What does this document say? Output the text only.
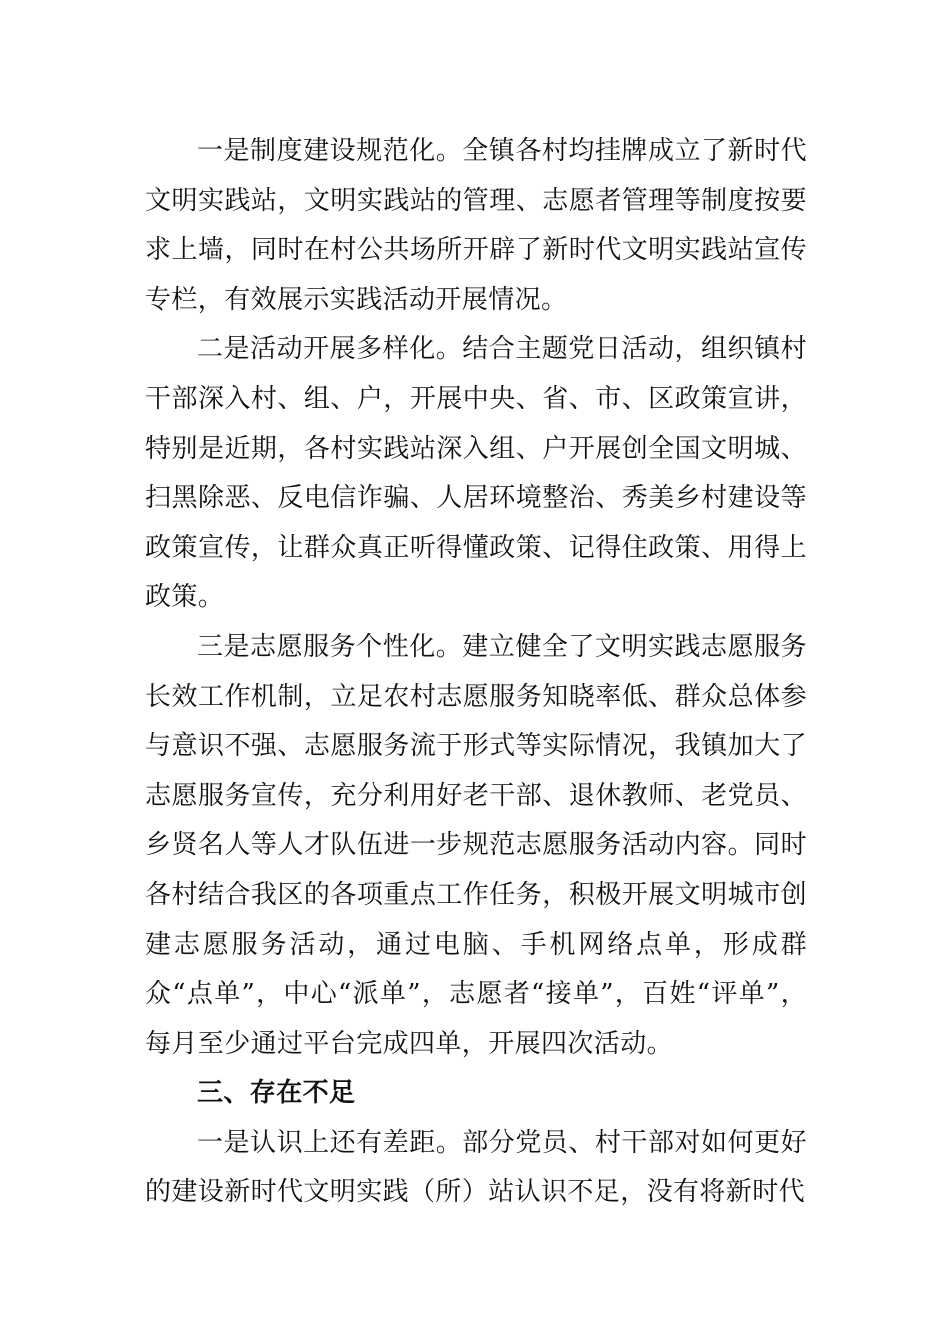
一是制度建设规范化。全镇各村均挂牌成立了新时代文明实践站，文明实践站的管理、志愿者管理等制度按要求上墙，同时在村公共场所开辟了新时代文明实践站宣传专栏，有效展示实践活动开展情况。

二是活动开展多样化。结合主题党日活动，组织镇村干部深入村、组、户，开展中央、省、市、区政策宣讲，特别是近期，各村实践站深入组、户开展创全国文明城、扫黑除恶、反电信诈骗、人居环境整治、秀美乡村建设等政策宣传，让群众真正听得懂政策、记得住政策、用得上政策。

三是志愿服务个性化。建立健全了文明实践志愿服务长效工作机制，立足农村志愿服务知晓率低、群众总体参与意识不强、志愿服务流于形式等实际情况，我镇加大了志愿服务宣传，充分利用好老干部、退休教师、老党员、乡贤名人等人才队伍进一步规范志愿服务活动内容。同时各村结合我区的各项重点工作任务，积极开展文明城市创建志愿服务活动，通过电脑、手机网络点单，形成群众“点单”，中心“派单”，志愿者“接单”，百姓“评单”，每月至少通过平台完成四单，开展四次活动。

三、存在不足

一是认识上还有差距。部分党员、村干部对如何更好的建设新时代文明实践（所）站认识不足，没有将新时代
